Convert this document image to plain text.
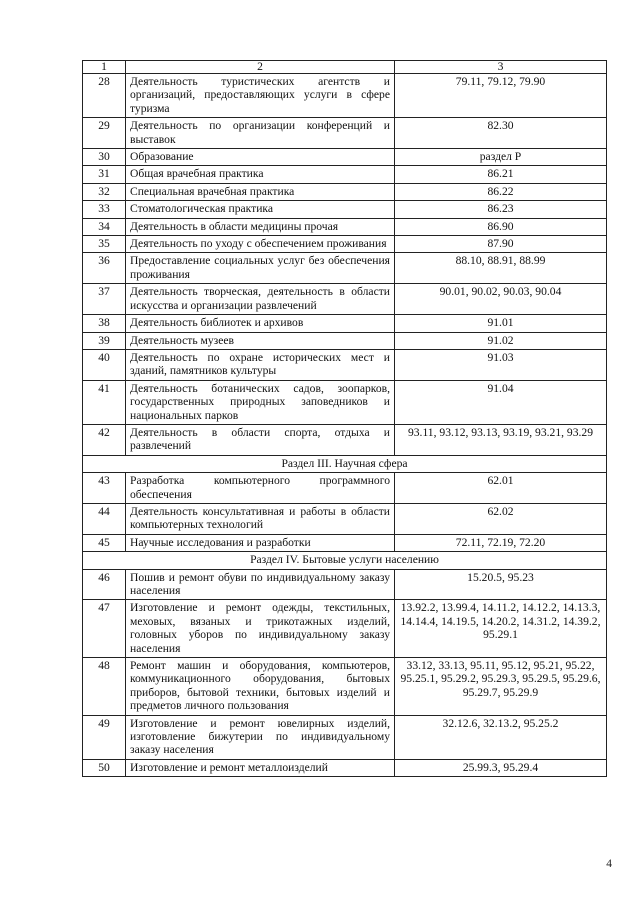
1	2	3
28	Деятельность туристических агентств и организаций, предоставляющих услуги в сфере туризма	79.11, 79.12, 79.90
29	Деятельность по организации конференций и выставок	82.30
30	Образование	раздел Р
31	Общая врачебная практика	86.21
32	Специальная врачебная практика	86.22
33	Стоматологическая практика	86.23
34	Деятельность в области медицины прочая	86.90
35	Деятельность по уходу с обеспечением проживания	87.90
36	Предоставление социальных услуг без обеспечения проживания	88.10, 88.91, 88.99
37	Деятельность творческая, деятельность в области искусства и организации развлечений	90.01, 90.02, 90.03, 90.04
38	Деятельность библиотек и архивов	91.01
39	Деятельность музеев	91.02
40	Деятельность по охране исторических мест и зданий, памятников культуры	91.03
41	Деятельность ботанических садов, зоопарков, государственных природных заповедников и национальных парков	91.04
42	Деятельность в области спорта, отдыха и развлечений	93.11, 93.12, 93.13, 93.19, 93.21, 93.29
Раздел III. Научная сфера		
43	Разработка компьютерного программного обеспечения	62.01
44	Деятельность консультативная и работы в области компьютерных технологий	62.02
45	Научные исследования и разработки	72.11, 72.19, 72.20
Раздел IV. Бытовые услуги населению		
46	Пошив и ремонт обуви по индивидуальному заказу населения	15.20.5, 95.23
47	Изготовление и ремонт одежды, текстильных, меховых, вязаных и трикотажных изделий, головных уборов по индивидуальному заказу населения	13.92.2, 13.99.4, 14.11.2, 14.12.2, 14.13.3, 14.14.4, 14.19.5, 14.20.2, 14.31.2, 14.39.2, 95.29.1
48	Ремонт машин и оборудования, компьютеров, коммуникационного оборудования, бытовых приборов, бытовой техники, бытовых изделий и предметов личного пользования	33.12, 33.13, 95.11, 95.12, 95.21, 95.22, 95.25.1, 95.29.2, 95.29.3, 95.29.5, 95.29.6, 95.29.7, 95.29.9
49	Изготовление и ремонт ювелирных изделий, изготовление бижутерии по индивидуальному заказу населения	32.12.6, 32.13.2, 95.25.2
50	Изготовление и ремонт металлоизделий	25.99.3, 95.29.4
4
